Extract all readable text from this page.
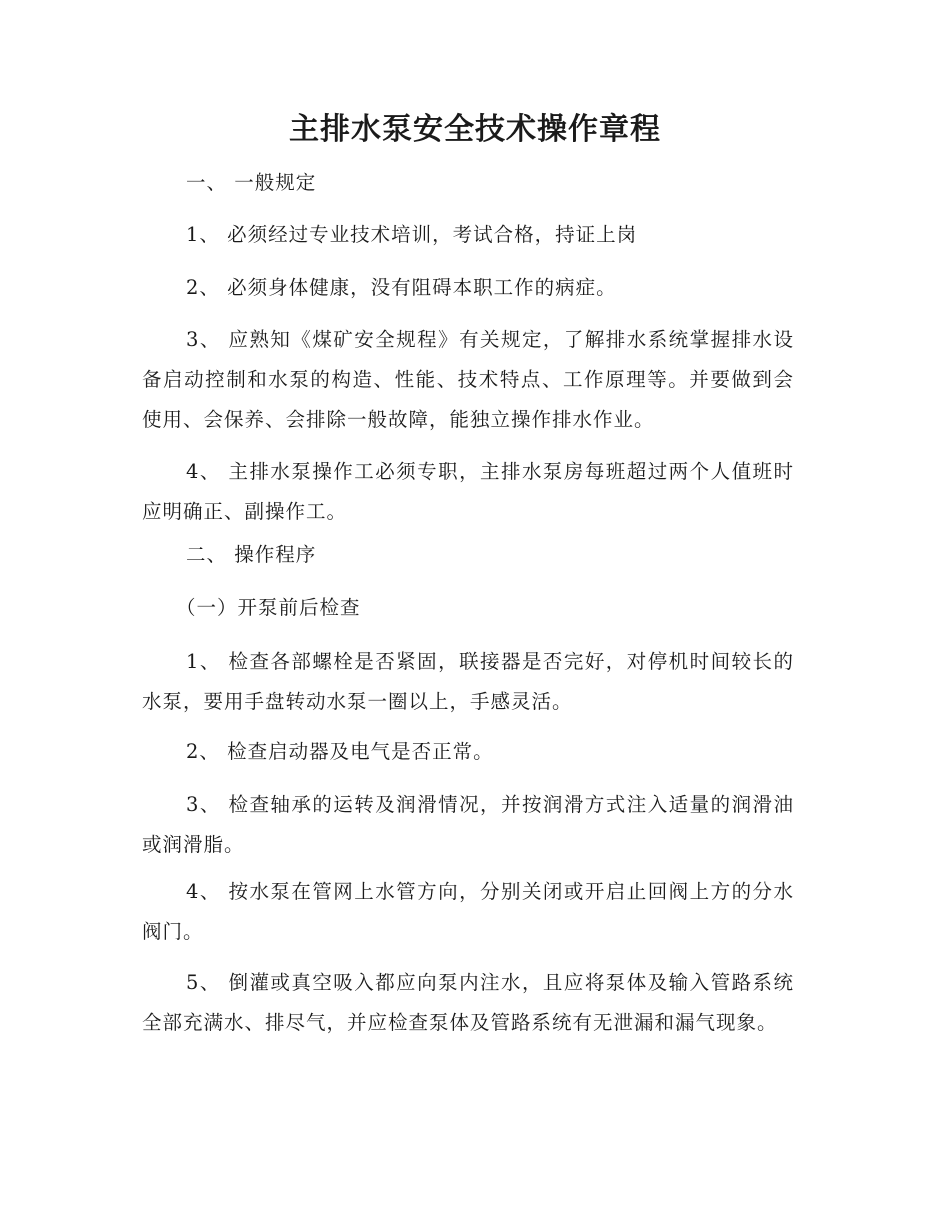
主排水泵安全技术操作章程

一、 一般规定

1、 必须经过专业技术培训，考试合格，持证上岗

2、 必须身体健康，没有阻碍本职工作的病症。

3、 应熟知《煤矿安全规程》有关规定，了解排水系统掌握排水设备启动控制和水泵的构造、性能、技术特点、工作原理等。并要做到会使用、会保养、会排除一般故障，能独立操作排水作业。

4、 主排水泵操作工必须专职，主排水泵房每班超过两个人值班时应明确正、副操作工。

二、 操作程序

（一）开泵前后检查

1、 检查各部螺栓是否紧固，联接器是否完好，对停机时间较长的水泵，要用手盘转动水泵一圈以上，手感灵活。

2、 检查启动器及电气是否正常。

3、 检查轴承的运转及润滑情况，并按润滑方式注入适量的润滑油或润滑脂。

4、 按水泵在管网上水管方向，分别关闭或开启止回阀上方的分水阀门。

5、 倒灌或真空吸入都应向泵内注水，且应将泵体及输入管路系统全部充满水、排尽气，并应检查泵体及管路系统有无泄漏和漏气现象。
